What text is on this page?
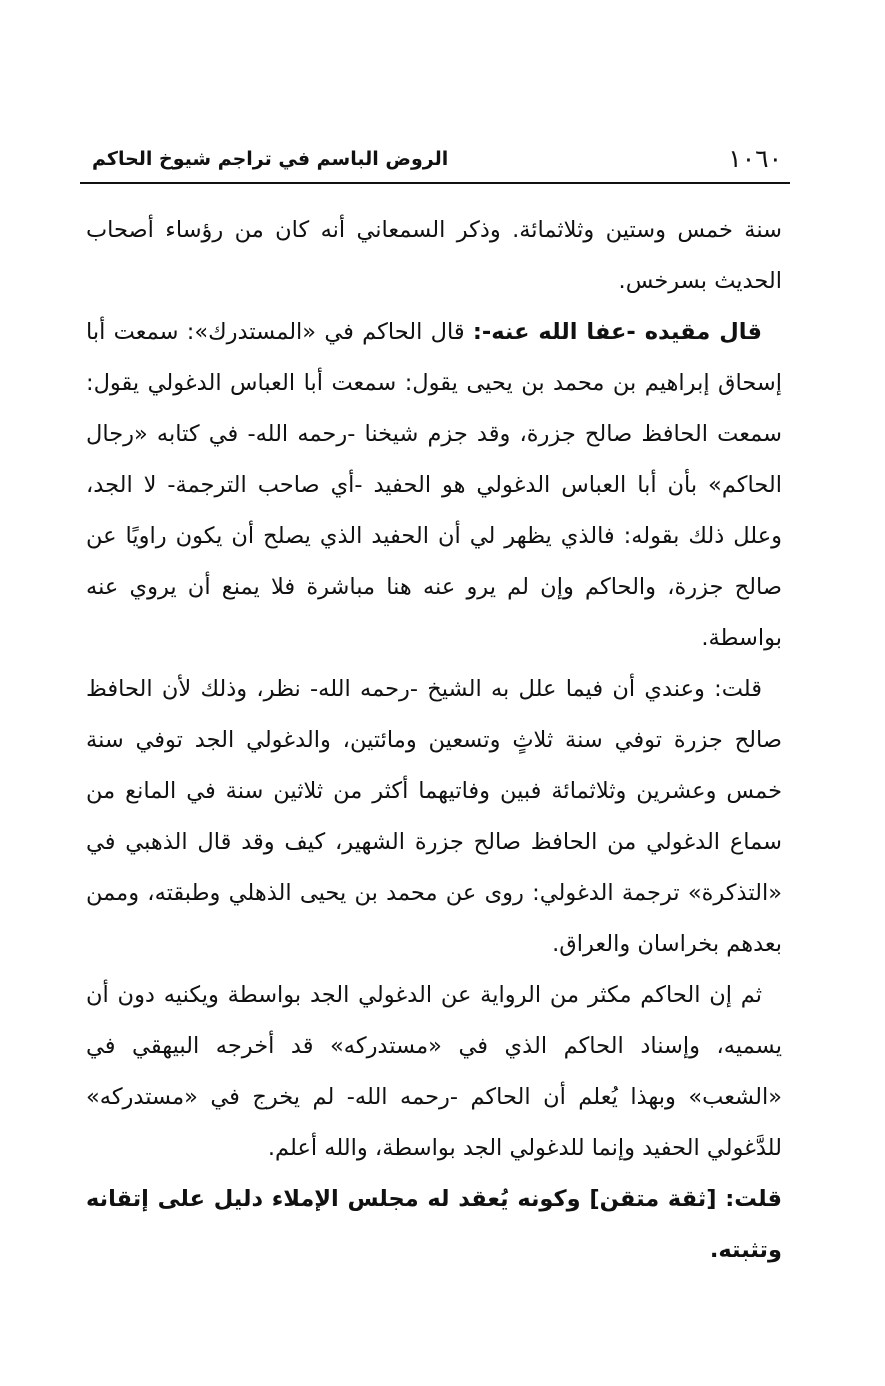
١٠٦٠
الروض الباسم في تراجم شيوخ الحاكم

سنة خمس وستين وثلاثمائة. وذكر السمعاني أنه كان من رؤساء أصحاب الحديث بسرخس.

قال مقيده -عفا الله عنه-: قال الحاكم في «المستدرك»: سمعت أبا إسحاق إبراهيم بن محمد بن يحيى يقول: سمعت أبا العباس الدغولي يقول: سمعت الحافظ صالح جزرة، وقد جزم شيخنا -رحمه الله- في كتابه «رجال الحاكم» بأن أبا العباس الدغولي هو الحفيد -أي صاحب الترجمة- لا الجد، وعلل ذلك بقوله: فالذي يظهر لي أن الحفيد الذي يصلح أن يكون راويًا عن صالح جزرة، والحاكم وإن لم يرو عنه هنا مباشرة فلا يمنع أن يروي عنه بواسطة.

قلت: وعندي أن فيما علل به الشيخ -رحمه الله- نظر، وذلك لأن الحافظ صالح جزرة توفي سنة ثلاثٍ وتسعين ومائتين، والدغولي الجد توفي سنة خمس وعشرين وثلاثمائة فبين وفاتيهما أكثر من ثلاثين سنة في المانع من سماع الدغولي من الحافظ صالح جزرة الشهير، كيف وقد قال الذهبي في «التذكرة» ترجمة الدغولي: روى عن محمد بن يحيى الذهلي وطبقته، وممن بعدهم بخراسان والعراق.

ثم إن الحاكم مكثر من الرواية عن الدغولي الجد بواسطة ويكنيه دون أن يسميه، وإسناد الحاكم الذي في «مستدركه» قد أخرجه البيهقي في «الشعب» وبهذا يُعلم أن الحاكم -رحمه الله- لم يخرج في «مستدركه» للدَّغولي الحفيد وإنما للدغولي الجد بواسطة، والله أعلم.

قلت: [ثقة متقن] وكونه يُعقد له مجلس الإملاء دليل على إتقانه وتثبته.
